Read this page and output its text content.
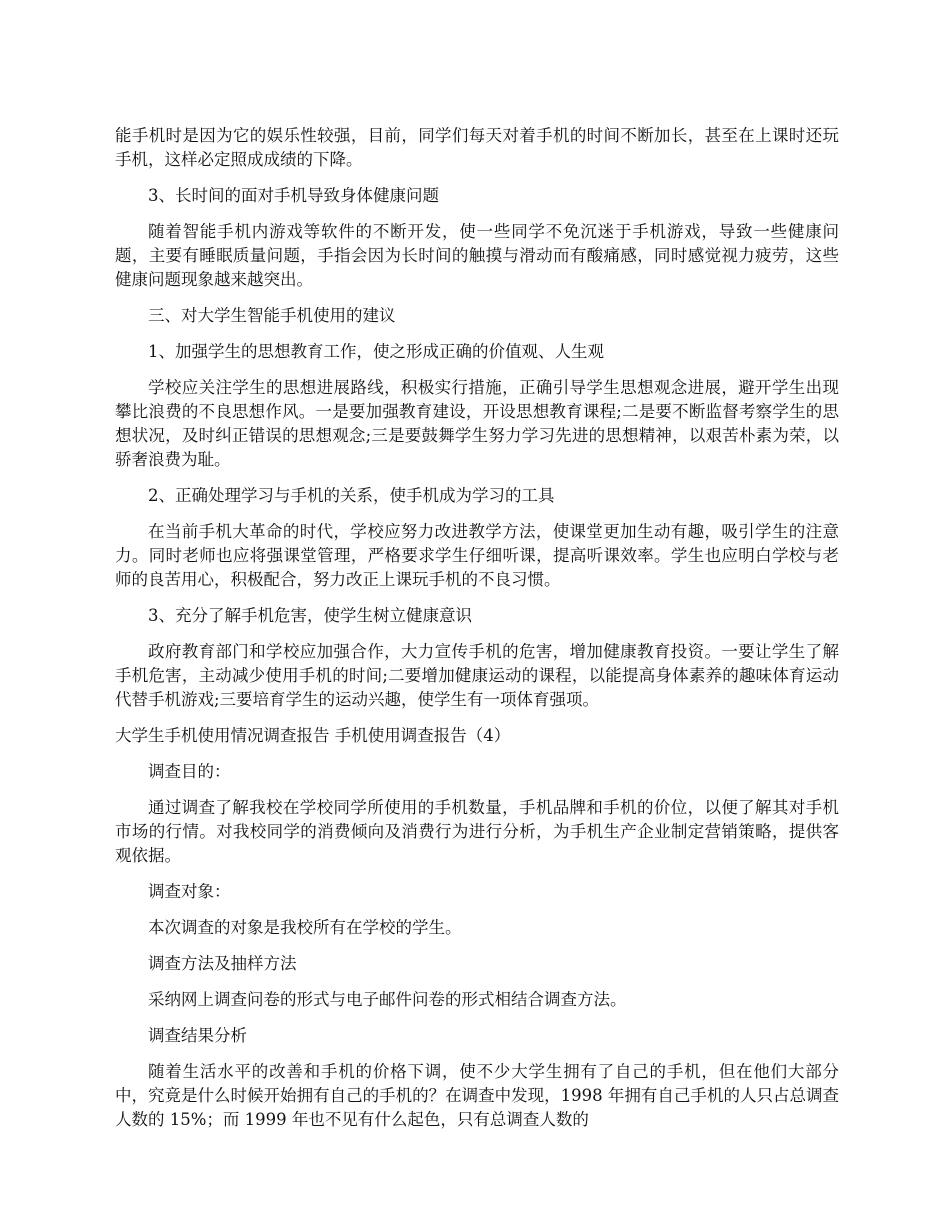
能手机时是因为它的娱乐性较强，目前，同学们每天对着手机的时间不断加长，甚至在上课时还玩手机，这样必定照成成绩的下降。

3、长时间的面对手机导致身体健康问题

随着智能手机内游戏等软件的不断开发，使一些同学不免沉迷于手机游戏，导致一些健康问题，主要有睡眠质量问题，手指会因为长时间的触摸与滑动而有酸痛感，同时感觉视力疲劳，这些健康问题现象越来越突出。

三、对大学生智能手机使用的建议

1、加强学生的思想教育工作，使之形成正确的价值观、人生观

学校应关注学生的思想进展路线，积极实行措施，正确引导学生思想观念进展，避开学生出现攀比浪费的不良思想作风。一是要加强教育建设，开设思想教育课程;二是要不断监督考察学生的思想状况，及时纠正错误的思想观念;三是要鼓舞学生努力学习先进的思想精神，以艰苦朴素为荣，以骄奢浪费为耻。

2、正确处理学习与手机的关系，使手机成为学习的工具

在当前手机大革命的时代，学校应努力改进教学方法，使课堂更加生动有趣，吸引学生的注意力。同时老师也应将强课堂管理，严格要求学生仔细听课，提高听课效率。学生也应明白学校与老师的良苦用心，积极配合，努力改正上课玩手机的不良习惯。

3、充分了解手机危害，使学生树立健康意识

政府教育部门和学校应加强合作，大力宣传手机的危害，增加健康教育投资。一要让学生了解手机危害，主动减少使用手机的时间;二要增加健康运动的课程，以能提高身体素养的趣味体育运动代替手机游戏;三要培育学生的运动兴趣，使学生有一项体育强项。

大学生手机使用情况调查报告 手机使用调查报告（4）

调查目的：

通过调查了解我校在学校同学所使用的手机数量，手机品牌和手机的价位，以便了解其对手机市场的行情。对我校同学的消费倾向及消费行为进行分析，为手机生产企业制定营销策略，提供客观依据。

调查对象：

本次调查的对象是我校所有在学校的学生。

调查方法及抽样方法

采纳网上调查问卷的形式与电子邮件问卷的形式相结合调查方法。

调查结果分析

随着生活水平的改善和手机的价格下调，使不少大学生拥有了自己的手机，但在他们大部分中，究竟是什么时候开始拥有自己的手机的？在调查中发现，1998 年拥有自己手机的人只占总调查人数的 15%；而 1999 年也不见有什么起色，只有总调查人数的
